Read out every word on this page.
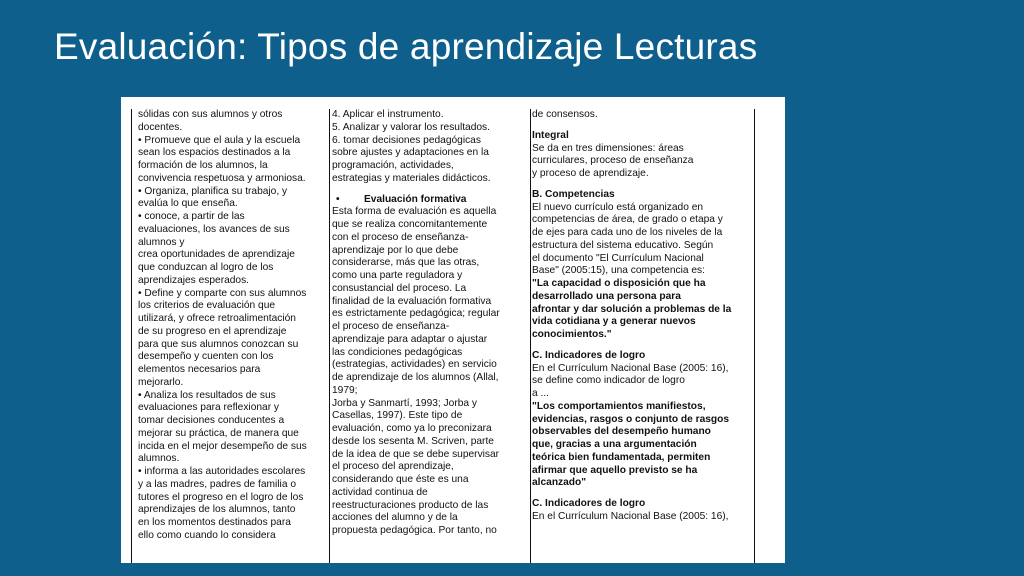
Evaluación: Tipos de aprendizaje Lecturas
sólidas con sus alumnos y otros
docentes.
• Promueve que el aula y la escuela
sean los espacios destinados a la
formación de los alumnos, la
convivencia respetuosa y armoniosa.
• Organiza, planifica su trabajo, y
evalúa lo que enseña.
• conoce, a partir de las
evaluaciones, los avances de sus
alumnos y
crea oportunidades de aprendizaje
que conduzcan al logro de los
aprendizajes esperados.
• Define y comparte con sus alumnos
los criterios de evaluación que
utilizará, y ofrece retroalimentación
de su progreso en el aprendizaje
para que sus alumnos conozcan su
desempeño y cuenten con los
elementos necesarios para
mejorarlo.
• Analiza los resultados de sus
evaluaciones para reflexionar y
tomar decisiones conducentes a
mejorar su práctica, de manera que
incida en el mejor desempeño de sus
alumnos.
• informa a las autoridades escolares
y a las madres, padres de familia o
tutores el progreso en el logro de los
aprendizajes de los alumnos, tanto
en los momentos destinados para
ello como cuando lo considera
4. Aplicar el instrumento.
5. Analizar y valorar los resultados.
6. tomar decisiones pedagógicas
sobre ajustes y adaptaciones en la
programación, actividades,
estrategias y materiales didácticos.
• Evaluación formativa
Esta forma de evaluación es aquella
que se realiza concomitantemente
con el proceso de enseñanza-
aprendizaje por lo que debe
considerarse, más que las otras,
como una parte reguladora y
consustancial del proceso. La
finalidad de la evaluación formativa
es estrictamente pedagógica; regular
el proceso de enseñanza-
aprendizaje para adaptar o ajustar
las condiciones pedagógicas
(estrategias, actividades) en servicio
de aprendizaje de los alumnos (Allal,
1979;
Jorba y Sanmartí, 1993; Jorba y
Casellas, 1997). Este tipo de
evaluación, como ya lo preconizara
desde los sesenta M. Scriven, parte
de la idea de que se debe supervisar
el proceso del aprendizaje,
considerando que éste es una
actividad continua de
reestructuraciones producto de las
acciones del alumno y de la
propuesta pedagógica. Por tanto, no
de consensos.
Integral
Se da en tres dimensiones: áreas
curriculares, proceso de enseñanza
y proceso de aprendizaje.
B. Competencias
El nuevo currículo está organizado en
competencias de área, de grado o etapa y
de ejes para cada uno de los niveles de la
estructura del sistema educativo. Según
el documento "El Currículum Nacional
Base" (2005:15), una competencia es:
"La capacidad o disposición que ha
desarrollado una persona para
afrontar y dar solución a problemas de la
vida cotidiana y a generar nuevos
conocimientos."
C. Indicadores de logro
En el Currículum Nacional Base (2005: 16),
se define como indicador de logro
a ...
"Los comportamientos manifiestos,
evidencias, rasgos o conjunto de rasgos
observables del desempeño humano
que, gracias a una argumentación
teórica bien fundamentada, permiten
afirmar que aquello previsto se ha
alcanzado"
C. Indicadores de logro
En el Currículum Nacional Base (2005: 16),
